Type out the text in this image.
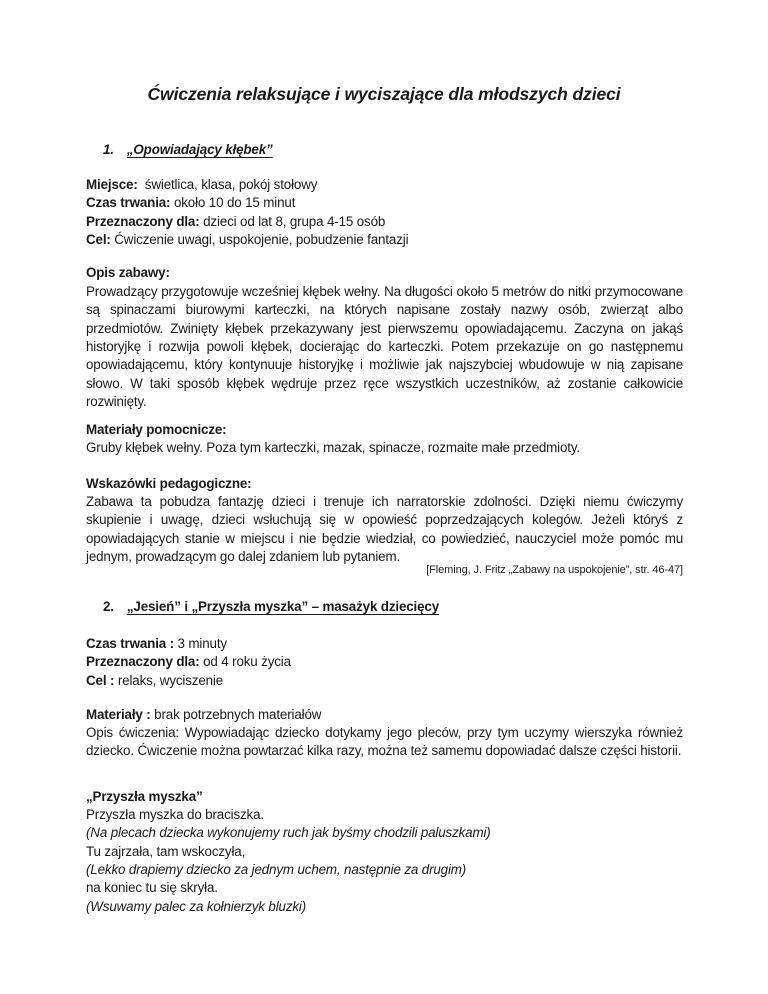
Ćwiczenia relaksujące i wyciszające dla młodszych dzieci
1. „Opowiadający kłębek”
Miejsce:  świetlica, klasa, pokój stołowy
Czas trwania: około 10 do 15 minut
Przeznaczony dla: dzieci od lat 8, grupa 4-15 osób
Cel: Ćwiczenie uwagi, uspokojenie, pobudzenie fantazji
Opis zabawy:
Prowadzący przygotowuje wcześniej kłębek wełny. Na długości około 5 metrów do nitki przymocowane są spinaczami biurowymi karteczki, na których napisane zostały nazwy osób, zwierząt albo przedmiotów. Zwinięty kłębek przekazywany jest pierwszemu opowiadającemu. Zaczyna on jakąś historyjkę i rozwija powoli kłębek, docierając do karteczki. Potem przekazuje on go następnemu opowiadającemu, który kontynuuje historyjkę i możliwie jak najszybciej wbudowuje w nią zapisane słowo. W taki sposób kłębek wędruje przez ręce wszystkich uczestników, aż zostanie całkowicie rozwinięty.
Materiały pomocnicze:
Gruby kłębek wełny. Poza tym karteczki, mazak, spinacze, rozmaite małe przedmioty.
Wskazówki pedagogiczne:
Zabawa ta pobudza fantazję dzieci i trenuje ich narratorskie zdolności. Dzięki niemu ćwiczymy skupienie i uwagę, dzieci wsłuchują się w opowieść poprzedzających kolegów. Jeżeli któryś z opowiadających stanie w miejscu i nie będzie wiedział, co powiedzieć, nauczyciel może pomóc mu jednym, prowadzącym go dalej zdaniem lub pytaniem.
[Fleming, J. Fritz „Zabawy na uspokojenie”, str. 46-47]
2. „Jesień” i „Przyszła myszka” – masażyk dziecięcy
Czas trwania : 3 minuty
Przeznaczony dla: od 4 roku życia
Cel : relaks, wyciszenie
Materiały : brak potrzebnych materiałów
Opis ćwiczenia: Wypowiadając dziecko dotykamy jego pleców, przy tym uczymy wierszyka również dziecko. Ćwiczenie można powtarzać kilka razy, można też samemu dopowiadać dalsze części historii.
„Przyszła myszka”
Przyszła myszka do braciszka.
(Na plecach dziecka wykonujemy ruch jak byśmy chodzili paluszkami)
Tu zajrzała, tam wskoczyła,
(Lekko drapiemy dziecko za jednym uchem, następnie za drugim)
na koniec tu się skryła.
(Wsuwamy palec za kołnierzyk bluzki)
